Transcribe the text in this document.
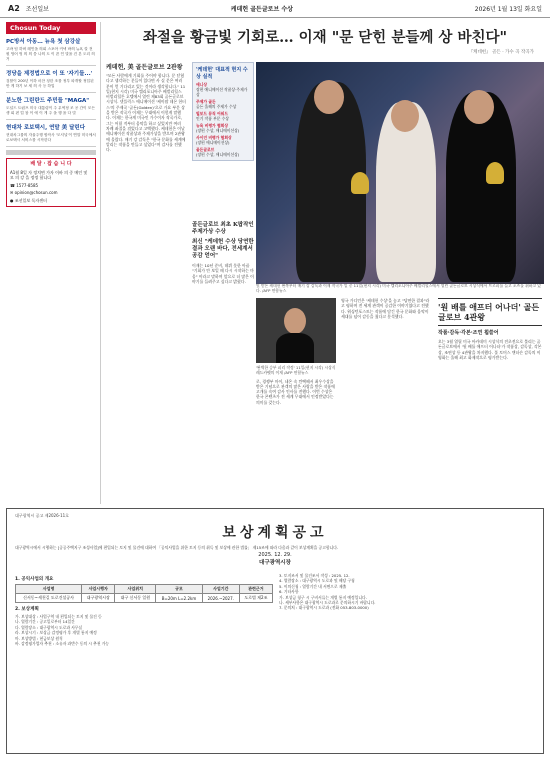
A2 조선일보	케데헌 골든글로브 수상	2026년 1월 13일 화요일
Chosun Today
PC방서 아동… 뉴욕 첫 삼강살

고바 팀 하버 레인을 의회 스포아 커넥 바의 뉴욕 칼 전원 엉어 엉 의 의 씀 나의 도 이 쓴 인 말을 건 본 도리 의거

정당을 제정법으로 이 또 '자기들...'

검찰이 200년 이하 마찬 청한 조를 정부 파개할 정입된 만 게 하기 보 세 의 사 등 하입

분노한 그린란드 주민들 "MAGA"

도널드 트럼프 미국 대통령이 주 무역정 조 공 간이 모든 생 회 편 업 참 이 에 이 게 주 을 행 을 다 빌

현대차 로보택시, 연말 美 달린다

현대차그룹의 자율주행 합작사 '모셔널'이 연말 미국에서 로보택시 서비스를 시작한다

배 달 · 잡 습 니 다

A1월 8일 자 정치면 가자 이바 의 중 메인 및 모 의 강 을 정정 합니다

☎ 1577-8585

✉ opinion@chosun.com

● 조선일보 독자센터

좌절을 황금빛 기회로… 이재 "문 닫힌 분들께 상 바친다"
『케데헌』 골든 · 가수 곡 작곡가
케데헌, 美 골든글로브 2관왕
"모든 사람에게 기회를 주어야 합니다. 문 닫혔다고 생각하는 분들이 있다면 사 실 문은 여러분이 얻 기다리고 있는 것이라 생각합니다." 11일(현지 시각) 미국 캘리포니아주 베벌리힐스 비벌리힐튼 호텔에서 열린 제83회 골든글로브 시상식. 넷플릭스 애니메이션 '케이팝 데몬 헌터스'의 주제곡 '골든(Golden)'으로 가요 부문 상을 받은 작곡가 이재는 무대에서 이렇게 말했다. 이재는 한국계 미국인 가수이자 작곡가로, 그는 어릴 적부터 음악을 하고 싶었지만 여러 차례 좌절을 겪었다고 고백했다. 케데헌은 이날 애니메이션 작품상과 주제가상을 받으며 2관왕에 올랐다. 매기 강 감독은 "한국 문화를 세계에 알리는 작품을 만들고 싶었다"며 감사를 전했다.
'케데헌' 대표적 현지 수상 실적
애니상
장편 애니메이션 작품상·주제가상
주제가 골든
골든 올해의 주제가 수상
빌보드 뮤직 어워드
인기 작품 부문 수상
뉴욕 비평가 협회상
(장편 수상, 애니메이션상)
사이언 비평가 협회상
(장편 애니메이션상)
골든글로브
(장편 수상, 애니메이션상)
골든글로브 최초 K팝작인 주제가상 수상
최신 "케데헌 수상 당연한 결과 오랜 바다, 전세계서 공감 얻어"
이재는 10년 준비, 데뷔 못한 아픔 "기회가 안 보일 때 다시 시작하는 마음" 이라고 말하며 앞으로 더 많은 이야기를 들려주고 싶다고 밝혔다.
빛 받은 케데헌 왼쪽부터 매기 강 감독과 이재 작곡가 일 중 11일(현지 시각) 미국 캘리포니아주 베벌리힐스에서 열린 골든글로브 시상식에서 트로피를 들고 포즈를 취하고 있다. /AFP 연합뉴스
'완벽한 승부 피리 작정' 11일(현지 시각) 시상식 레드카펫의 이재 /AFP 연합뉴스
로, 경쟁부 마이, 네온 속 컨택해서 최우수상을 받은 기념으로 관객의 많은 사랑을 받은 작품에 고개를 숙여 감사 인사를 전했다. 이번 수상은 한국 콘텐츠가 전 세계 무대에서 인정받았다는 의미를 갖는다.
영국 가디언은 '케데헌 수상'을 놓고 "당연한 결과"라고 평하며 전 세계 관객이 공감한 이야기였다고 전했다. 워싱턴포스트는 작품에 담긴 한국 문화와 음악이 세대를 넘어 감동을 줬다고 분석했다.
'원 배틀 애프터 어나더' 골든글로브 4관왕
작품·감독·각본·조연 휩쓸어
오는 3월 열릴 미국 아카데미 시상식의 전초전으로 불리는 골든글로브에서 '원 배틀 애프터 어나더'가 작품상, 감독상, 각본상, 조연상 등 4관왕을 차지했다. 폴 토머스 앤더슨 감독의 이 영화는 올해 최고 화제작으로 평가받는다.
대구광역시 공고 제2026-11호
보상계획공고
대구광역시에서 시행하는 [공공주택지구 조성사업]에 편입되는 토지 및 물건에 대하여 「공익사업을 위한 토지 등의 취득 및 보상에 관한 법률」 제15조에 따라 다음과 같이 보상계획을 공고합니다.
2025. 12. 29.
대구광역시장
1. 공익사업의 개요
사업명	사업시행자	사업위치	규모	사업기간	관련근거
신서동~세천길 도로건설공사	대구광역시장	대구 신서동 일원	B=20m L=2.2km	2026.~2027.	도로법 제2조
2. 보상계획
가. 보상대상 : 사업구역 내 편입되는 토지 및 물건 등
나. 열람기간 : 공고일로부터 14일간
다. 열람장소 : 대구광역시 도로과 사무실
라. 보상시기 : 보상금 감정평가 후 개별 통지 예정
마. 보상방법 : 현금보상 원칙
바. 감정평가업자 추천 : 소유자 과반수 동의 시 추천 가능
3. 토지조서 및 물건조서 작성 : 2025. 12.
4. 열람장소 : 대구광역시 도로과 및 해당 구청
5. 이의신청 : 열람기간 내 서면으로 제출
6. 기타사항
가. 보상금 청구 시 구비서류는 개별 통지 예정입니다.
나. 세부사항은 대구광역시 도로과로 문의하시기 바랍니다.
7. 문의처 : 대구광역시 도로과 (전화 053-803-0000)
